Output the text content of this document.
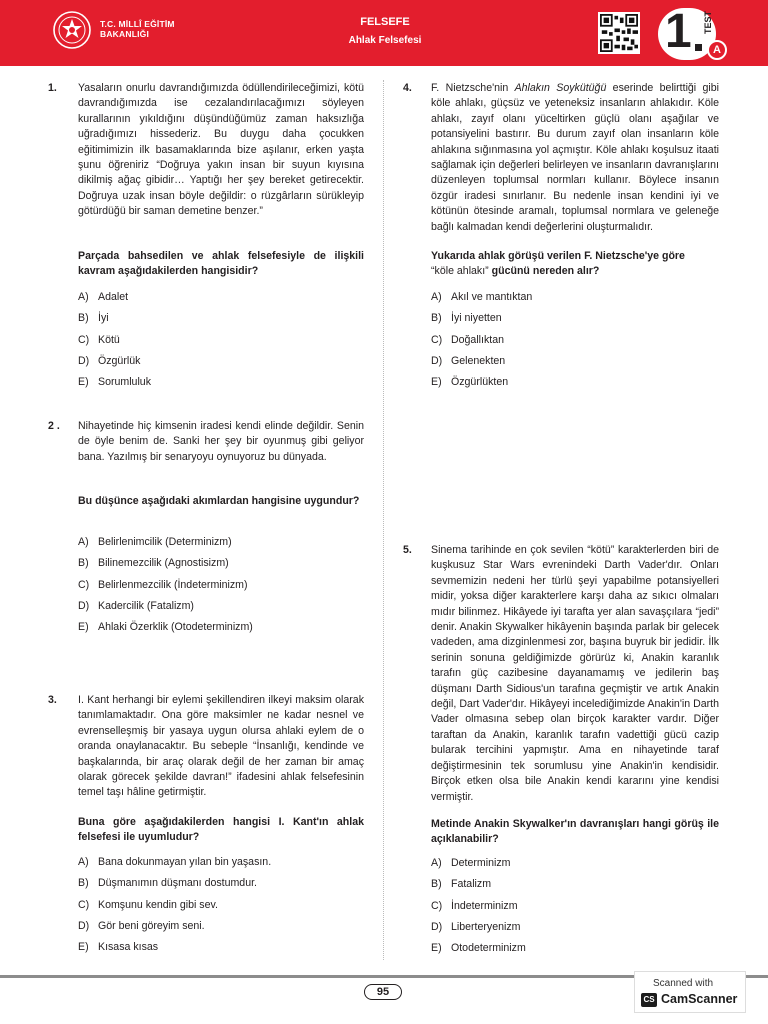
T.C. MİLLÎ EĞİTİM
BAKANLIĞI
FELSEFE
Ahlak Felsefesi	1 TEST
A
1. Yasaların onurlu davrandığımızda ödüllendirileceğimizi, kötü davrandığımızda ise cezalandırılacağımızı söyleyen kurallarının yıkıldığını düşündüğümüz zaman haksızlığa uğradığımızı hissederiz. Bu duygu daha çocukken eğitimimizin ilk basamaklarında bize aşılanır, erken yaşta şunu öğreniriz “Doğruya yakın insan bir suyun kıyısına dikilmiş ağaç gibidir… Yaptığı her şey bereket getirecektir. Doğruya uzak insan böyle değildir: o rüzgârların sürükleyip götürdüğü bir saman demetine benzer.”
Parçada bahsedilen ve ahlak felsefesiyle de ilişkili kavram aşağıdakilerden hangisidir?
A) Adalet
B) İyi
C) Kötü
D) Özgürlük
E) Sorumluluk
2 . Nihayetinde hiç kimsenin iradesi kendi elinde değildir. Senin de öyle benim de. Sanki her şey bir oyunmuş gibi geliyor bana. Yazılmış bir senaryoyu oynuyoruz bu dünyada.
Bu düşünce aşağıdaki akımlardan hangisine uygundur?
A) Belirlenimcilik (Determinizm)
B) Bilinemezcilik (Agnostisizm)
C) Belirlenmezcilik (İndeterminizm)
D) Kadercilik (Fatalizm)
E) Ahlaki Özerklik (Otodeterminizm)
3. I. Kant herhangi bir eylemi şekillendiren ilkeyi maksim olarak tanımlamaktadır. Ona göre maksimler ne kadar nesnel ve evrenselleşmiş bir yasaya uygun olursa ahlaki eylem de o oranda onaylanacaktır. Bu sebeple “İnsanlığı, kendinde ve başkalarında, bir araç olarak değil de her zaman bir amaç olarak görecek şekilde davran!” ifadesini ahlak felsefesinin temel taşı hâline getirmiştir.
Buna göre aşağıdakilerden hangisi I. Kant'ın ahlak felsefesi ile uyumludur?
A) Bana dokunmayan yılan bin yaşasın.
B) Düşmanımın düşmanı dostumdur.
C) Komşunu kendin gibi sev.
D) Gör beni göreyim seni.
E) Kısasa kısas
4. F. Nietzsche'nin Ahlakın Soykütüğü eserinde belirttiği gibi köle ahlakı, güçsüz ve yeteneksiz insanların ahlakıdır. Köle ahlakı, zayıf olanı yüceltirken güçlü olanı aşağılar ve potansiyelini bastırır. Bu durum zayıf olan insanların köle ahlakına sığınmasına yol açmıştır. Köle ahlakı koşulsuz itaati sağlamak için değerleri belirleyen ve insanların davranışlarını düzenleyen toplumsal normları kullanır. Böylece insanın özgür iradesi sınırlanır. Bu nedenle insan kendini iyi ve kötünün ötesinde aramalı, toplumsal normlara ve geleneğe bağlı kalmadan kendi değerlerini oluşturmalıdır.
Yukarıda ahlak görüşü verilen F. Nietzsche'ye göre
“köle ahlakı” gücünü nereden alır?
A) Akıl ve mantıktan
B) İyi niyetten
C) Doğallıktan
D) Gelenekten
E) Özgürlükten
5. Sinema tarihinde en çok sevilen “kötü” karakterlerden biri de kuşkusuz Star Wars evrenindeki Darth Vader'dır. Onları sevmemizin nedeni her türlü şeyi yapabilme potansiyelleri midir, yoksa diğer karakterlere karşı daha az sıkıcı olmaları mıdır bilinmez. Hikâyede iyi tarafta yer alan savaşçılara “jedi” denir. Anakin Skywalker hikâyenin başında parlak bir gelecek vadeden, ama dizginlenmesi zor, başına buyruk bir jedidir. İlk serinin sonuna geldiğimizde görürüz ki, Anakin karanlık tarafın güç cazibesine dayanamamış ve jedilerin baş düşmanı Darth Sidious'un tarafına geçmiştir ve artık Anakin değil, Dart Vader'dır. Hikâyeyi incelediğimizde Anakin'in Darth Vader olmasına sebep olan birçok karakter vardır. Diğer taraftan da Anakin, karanlık tarafın vadettiği gücü cazip bularak tercihini yapmıştır. Ama en nihayetinde taraf değiştirmesinin tek sorumlusu yine Anakin'in kendisidir. Birçok etken olsa bile Anakin kendi kararını yine kendisi vermiştir.
Metinde Anakin Skywalker'ın davranışları hangi görüş ile açıklanabilir?
A) Determinizm
B) Fatalizm
C) İndeterminizm
D) Liberteryenizm
E) Otodeterminizm
95
Scanned with
CS CamScanner
